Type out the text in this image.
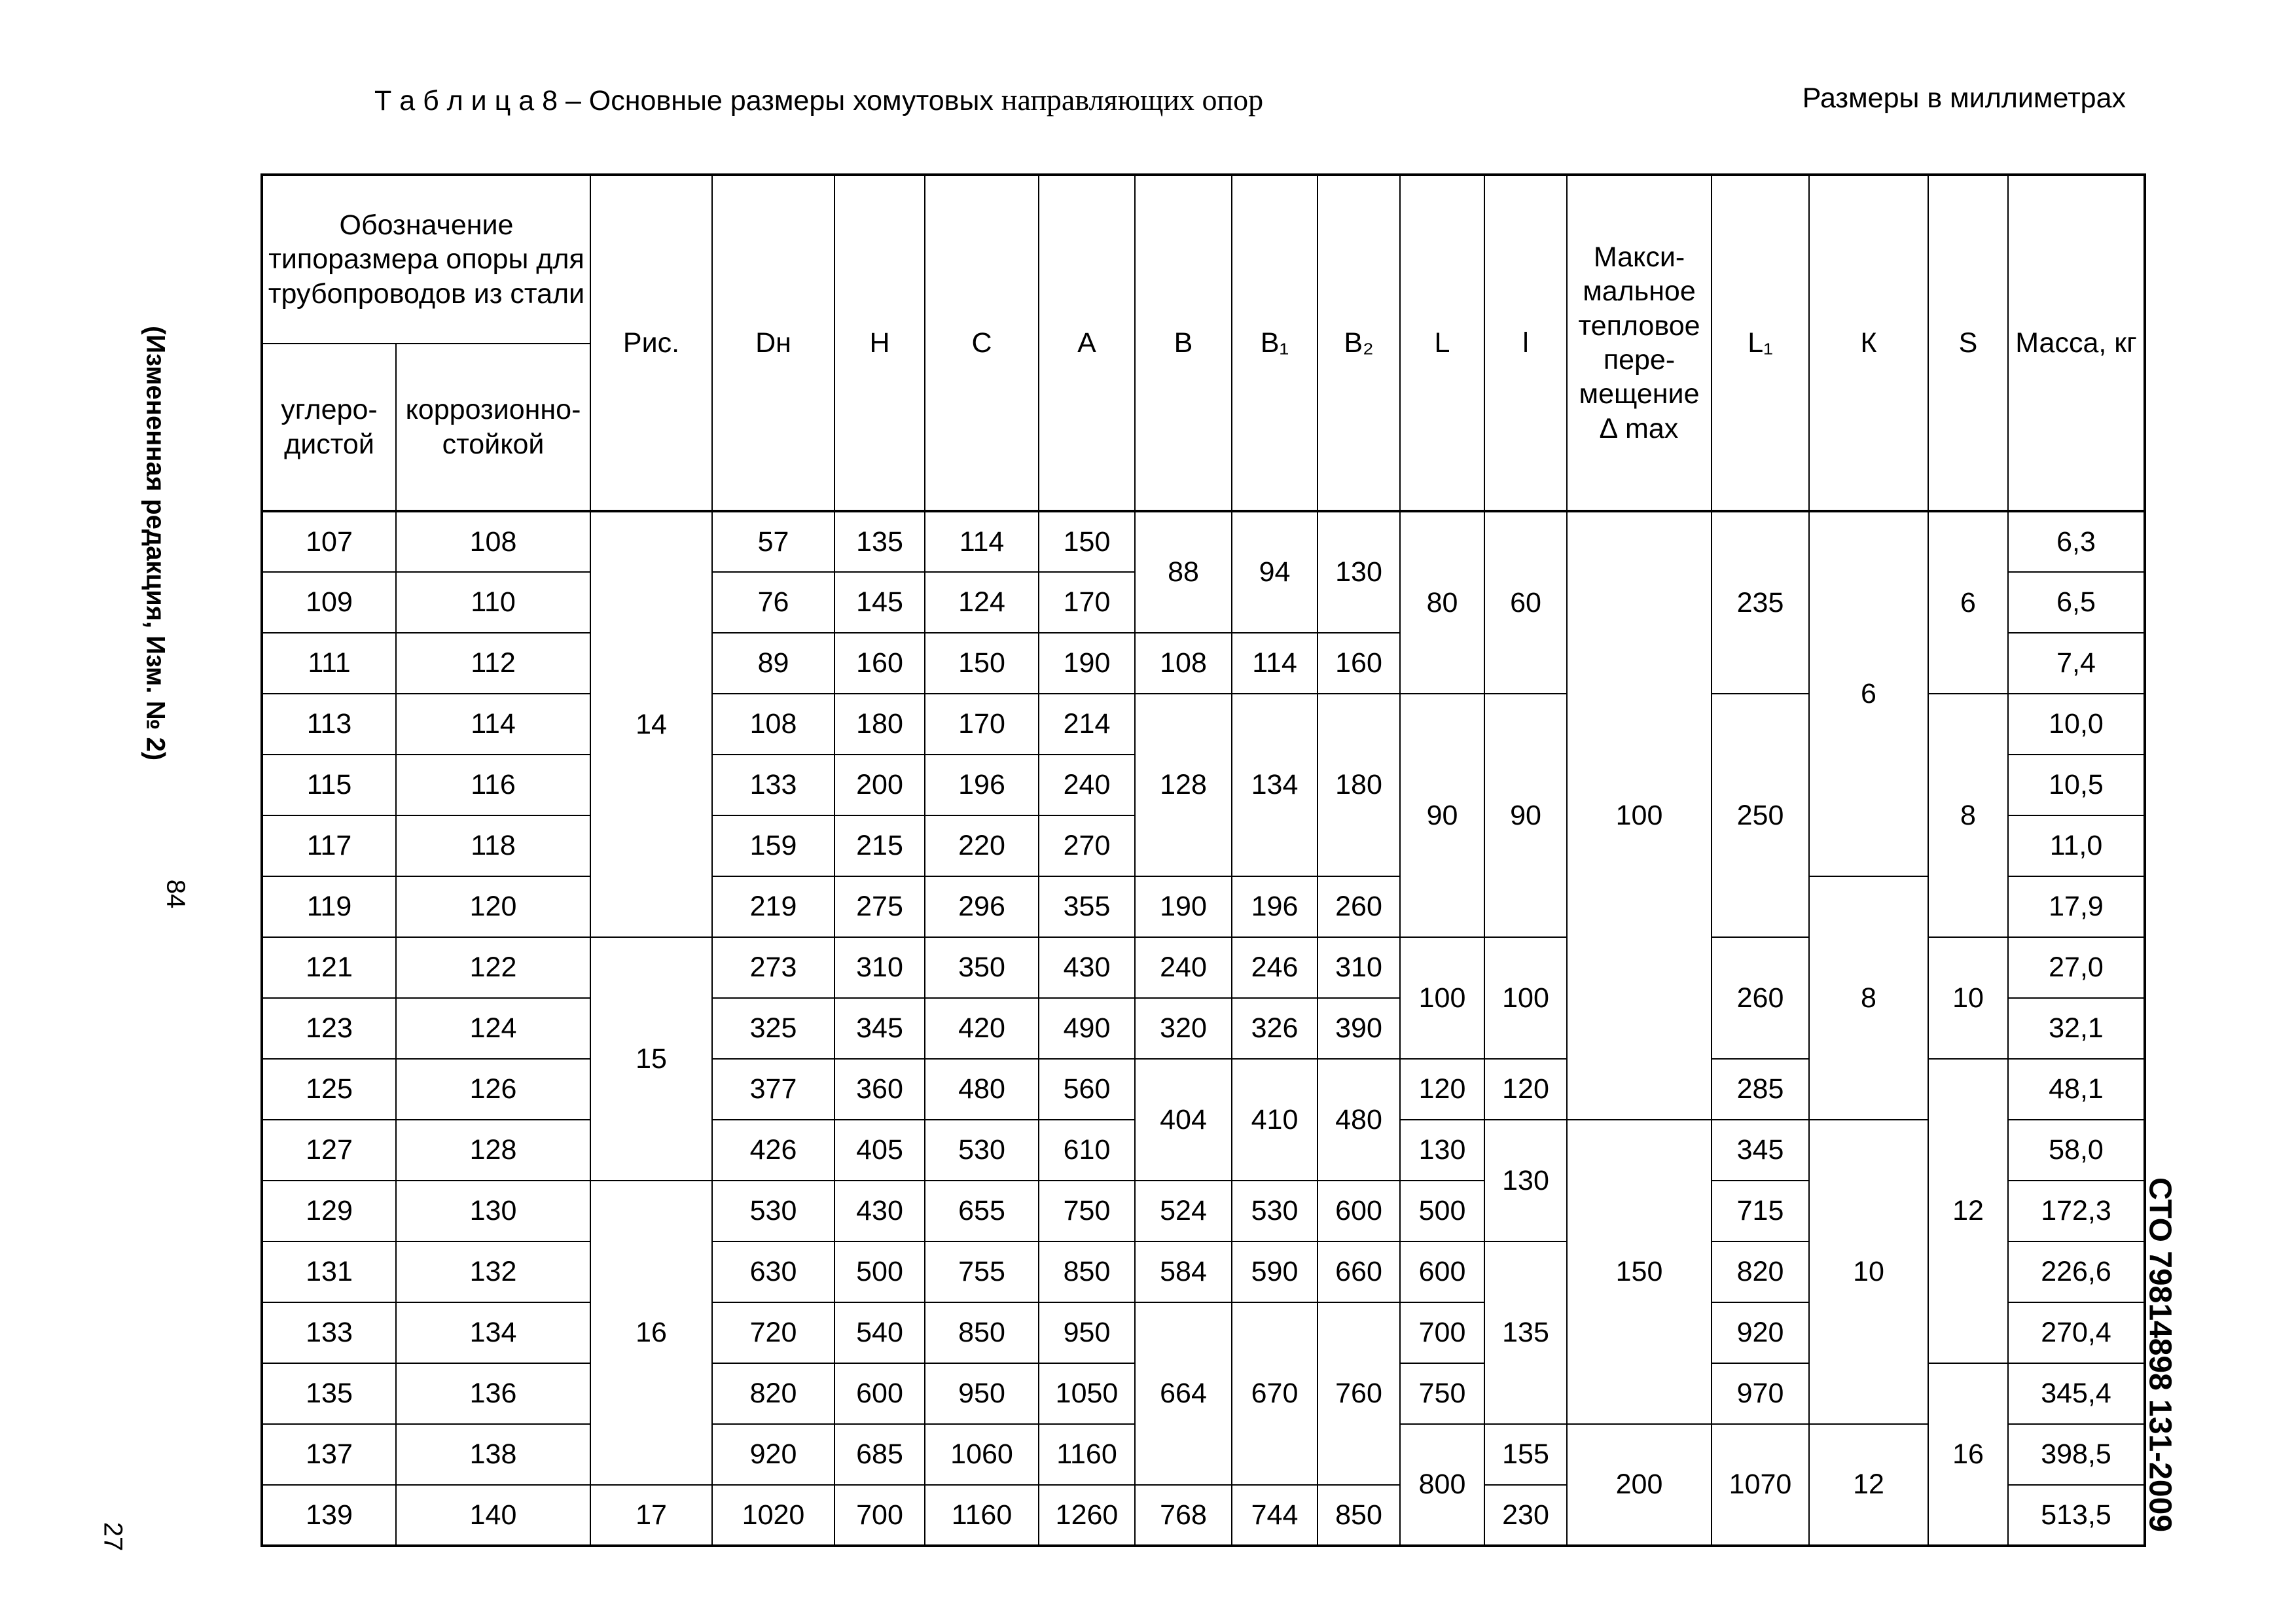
Т а б л и ц а 8 – Основные размеры хомутовых направляющих опор	Размеры в миллиметрах
(Измененная редакция, Изм. № 2)
84
27
СТО 79814898 131-2009
Обозначение типоразмера опоры для трубопроводов из стали		Рис.	Dн	H	C	A	B	B₁	B₂	L	l	Макси- мальное тепловое пере- мещение ∆ max	L₁	К	S	Масса, кг
углеро- дистой	коррозионно- стойкой															
107	108	14	57	135	114	150	88	94	130	80	60	100	235	6	6	6,3
109	110		76	145	124	170										6,5
111	112		89	160	150	190	108	114	160							7,4
113	114		108	180	170	214	128	134	180	90	90		250		8	10,0
115	116		133	200	196	240										10,5
117	118		159	215	220	270										11,0
119	120		219	275	296	355	190	196	260					8		17,9
121	122	15	273	310	350	430	240	246	310	100	100		260		10	27,0
123	124		325	345	420	490	320	326	390							32,1
125	126		377	360	480	560	404	410	480	120	120		285		12	48,1
127	128		426	405	530	610				130	130	150	345	10		58,0
129	130	16	530	430	655	750	524	530	600	500			715			172,3
131	132		630	500	755	850	584	590	660	600	135		820			226,6
133	134		720	540	850	950	664	670	760	700			920			270,4
135	136		820	600	950	1050				750			970		16	345,4
137	138		920	685	1060	1160				800	155	200	1070	12		398,5
139	140	17	1020	700	1160	1260	768	744	850		230					513,5
